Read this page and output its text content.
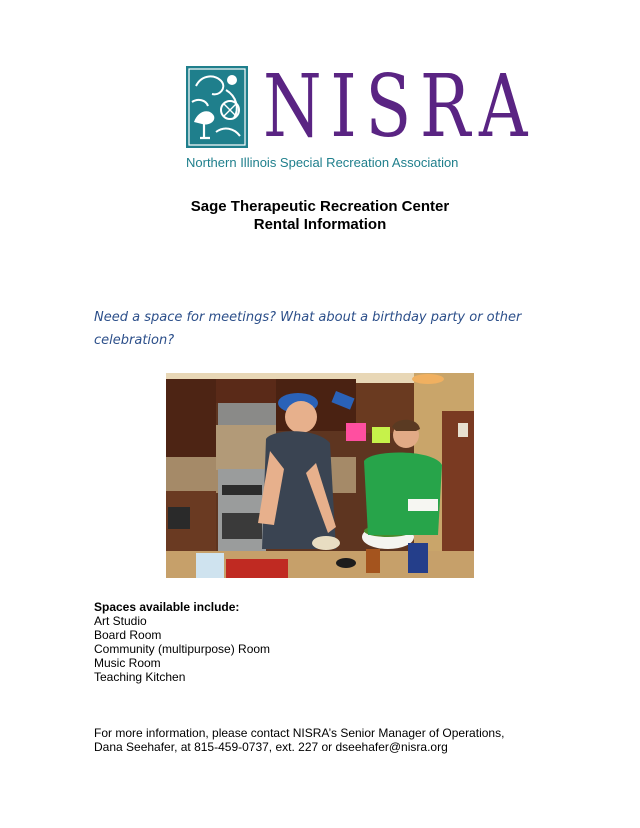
NISRA
Northern Illinois Special Recreation Association
Sage Therapeutic Recreation Center
Rental Information
Need a space for meetings? What about a birthday party or other celebration?
Spaces available include:
Art Studio
Board Room
Community (multipurpose) Room
Music Room
Teaching Kitchen
For more information, please contact NISRA’s Senior Manager of Operations,
Dana Seehafer, at 815-459-0737, ext. 227 or dseehafer@nisra.org
